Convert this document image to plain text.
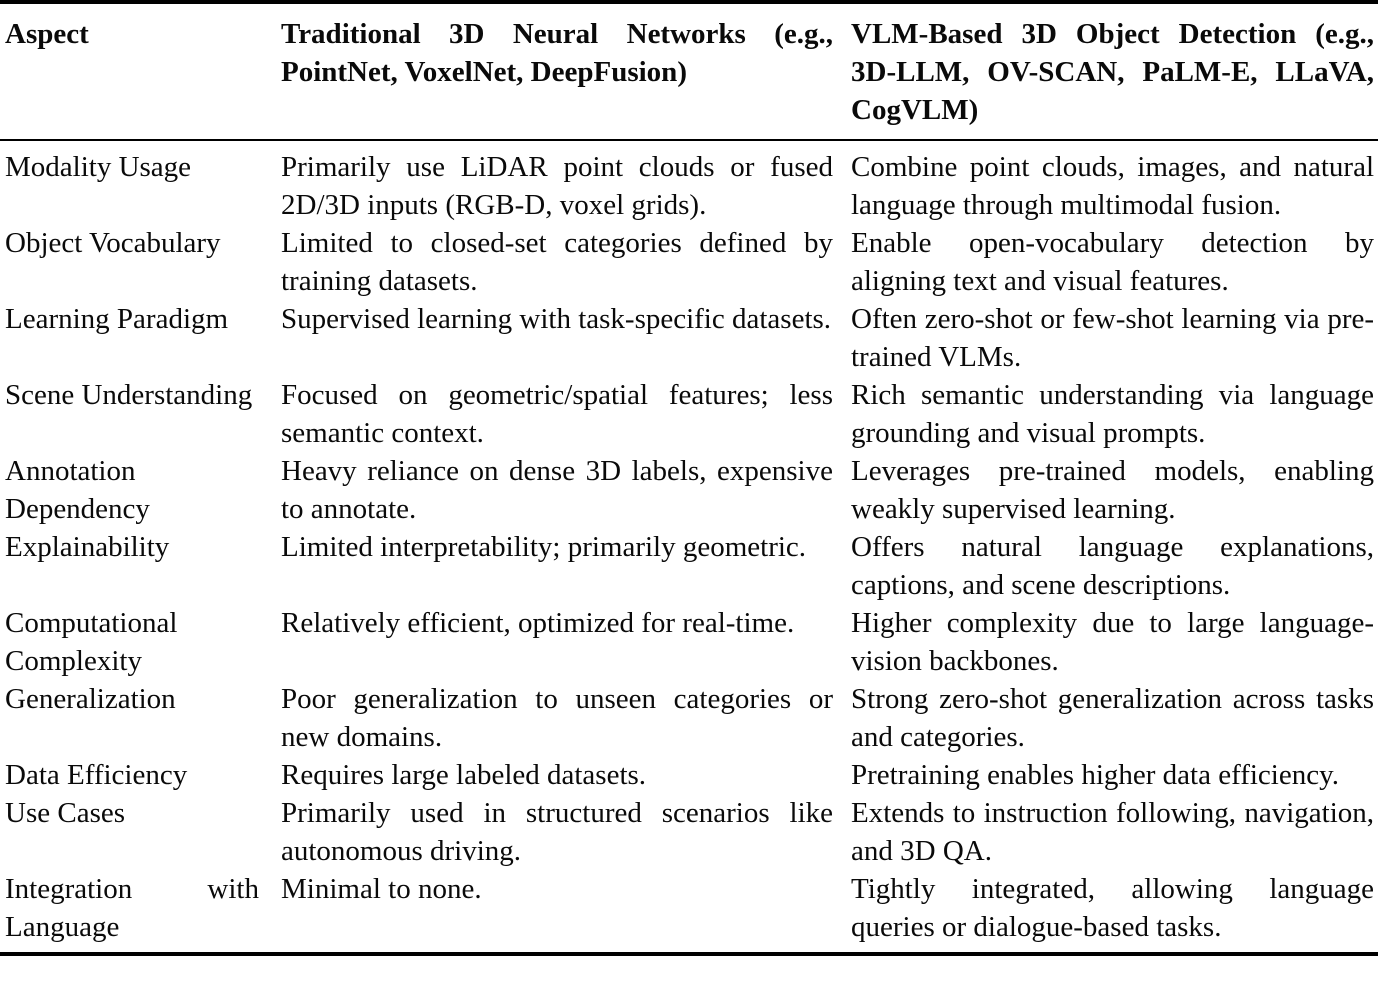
Aspect	Traditional 3D Neural Networks (e.g., PointNet, VoxelNet, DeepFusion)	VLM-Based 3D Object Detection (e.g., 3D-LLM, OV-SCAN, PaLM-E, LLaVA, CogVLM)
Modality Usage	Primarily use LiDAR point clouds or fused 2D/3D inputs (RGB-D, voxel grids).	Combine point clouds, images, and natural language through multimodal fusion.
Object Vocabulary	Limited to closed-set categories defined by training datasets.	Enable open-vocabulary detection by aligning text and visual features.
Learning Paradigm	Supervised learning with task-specific datasets.	Often zero-shot or few-shot learning via pre-trained VLMs.
Scene Understanding	Focused on geometric/spatial features; less semantic context.	Rich semantic understanding via language grounding and visual prompts.
Annotation Dependency	Heavy reliance on dense 3D labels, expensive to annotate.	Leverages pre-trained models, enabling weakly supervised learning.
Explainability	Limited interpretability; primarily geometric.	Offers natural language explanations, captions, and scene descriptions.
Computational Complexity	Relatively efficient, optimized for real-time.	Higher complexity due to large language-vision backbones.
Generalization	Poor generalization to unseen categories or new domains.	Strong zero-shot generalization across tasks and categories.
Data Efficiency	Requires large labeled datasets.	Pretraining enables higher data efficiency.
Use Cases	Primarily used in structured scenarios like autonomous driving.	Extends to instruction following, navigation, and 3D QA.
Integration with Language	Minimal to none.	Tightly integrated, allowing language queries or dialogue-based tasks.
